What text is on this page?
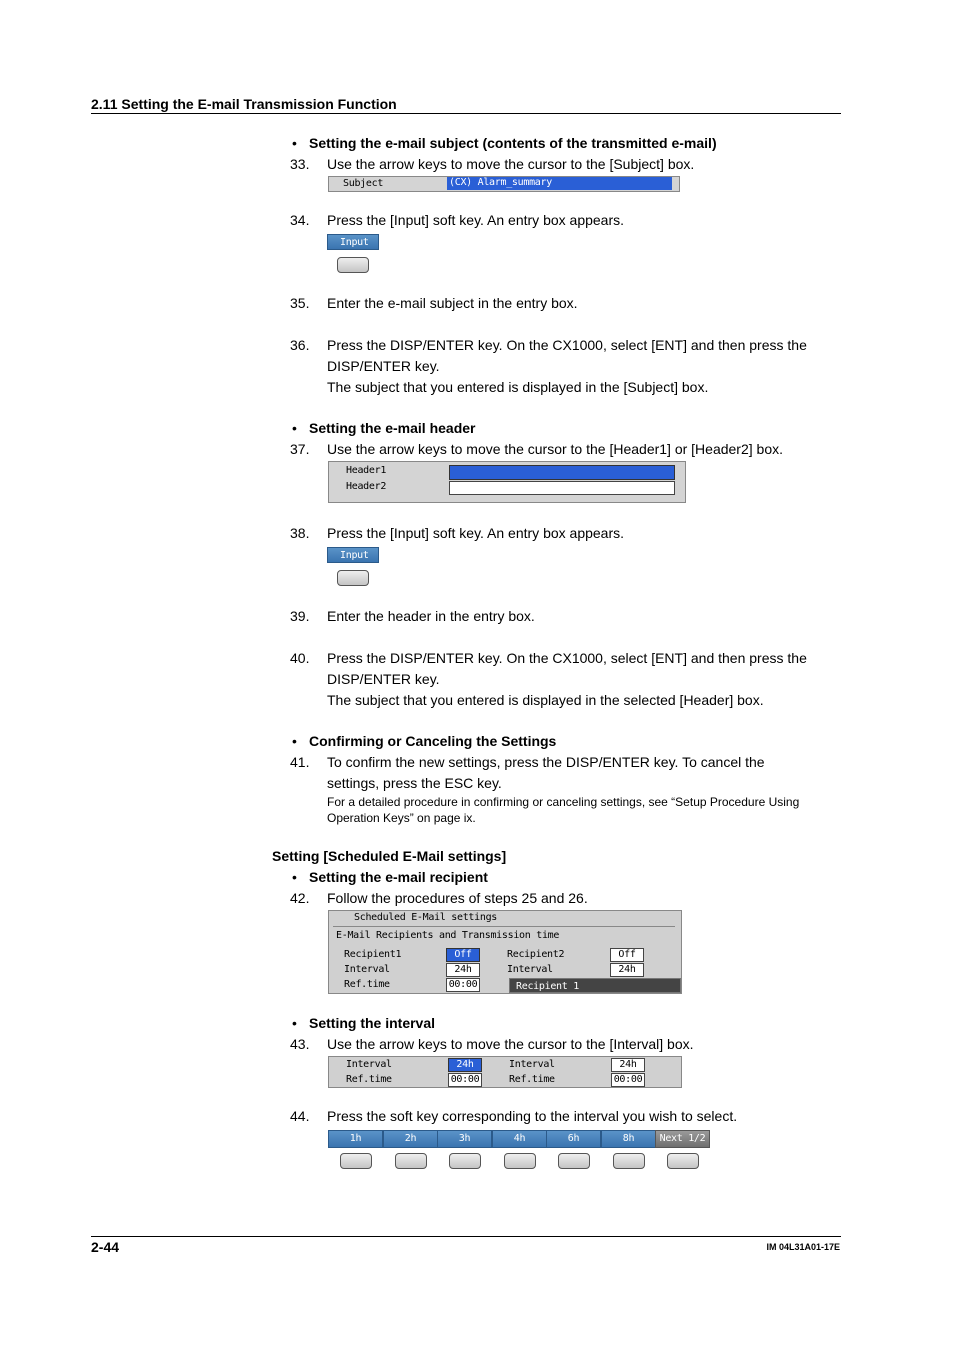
2.11 Setting the E-mail Transmission Function
• Setting the e-mail subject (contents of the transmitted e-mail)
33. Use the arrow keys to move the cursor to the [Subject] box.
Subject	(CX) Alarm_summary
34. Press the [Input] soft key. An entry box appears.
Input
35. Enter the e-mail subject in the entry box.
36. Press the DISP/ENTER key. On the CX1000, select [ENT] and then press the
DISP/ENTER key.
The subject that you entered is displayed in the [Subject] box.
• Setting the e-mail header
37. Use the arrow keys to move the cursor to the [Header1] or [Header2] box.
Header1
Header2
38. Press the [Input] soft key. An entry box appears.
Input
39. Enter the header in the entry box.
40. Press the DISP/ENTER key. On the CX1000, select [ENT] and then press the
DISP/ENTER key.
The subject that you entered is displayed in the selected [Header] box.
• Confirming or Canceling the Settings
41. To confirm the new settings, press the DISP/ENTER key. To cancel the
settings, press the ESC key.
For a detailed procedure in confirming or canceling settings, see “Setup Procedure Using
Operation Keys” on page ix.
Setting [Scheduled E-Mail settings]
• Setting the e-mail recipient
42. Follow the procedures of steps 25 and 26.
Scheduled E-Mail settings
E-Mail Recipients and Transmission time
Recipient1	Off	Recipient2	Off
Interval	24h	Interval	24h
Ref.time	00:00	Recipient 1
• Setting the interval
43. Use the arrow keys to move the cursor to the [Interval] box.
Interval	24h	Interval	24h
Ref.time	00:00	Ref.time	00:00
44. Press the soft key corresponding to the interval you wish to select.
1h	2h	3h	4h	6h	8h	Next 1/2
2-44	IM 04L31A01-17E
